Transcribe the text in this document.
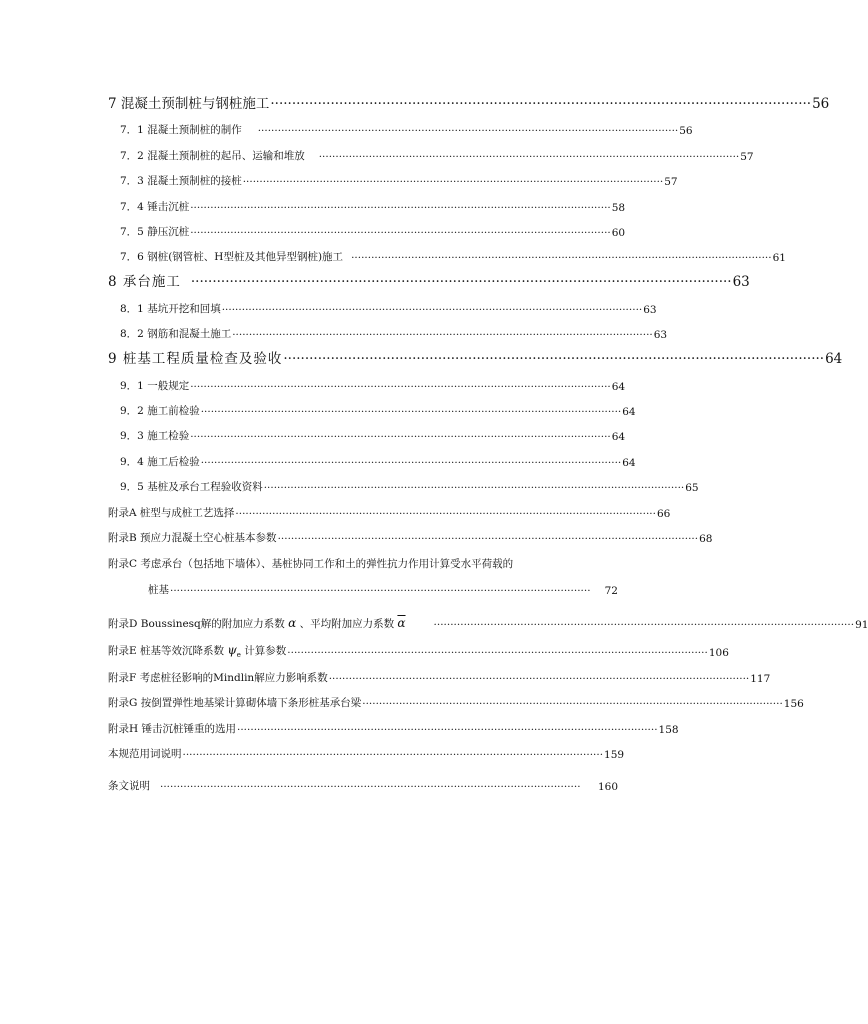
7 混凝土预制桩与钢桩施工 ······························································································································ 56
7．1 混凝土预制桩的制作 ······························································································································ 56
7．2 混凝土预制桩的起吊、运输和堆放 ······························································································································ 57
7．3 混凝土预制桩的接桩 ······························································································································ 57
7．4 锤击沉桩 ······························································································································ 58
7．5 静压沉桩 ······························································································································ 60
7．6 钢桩(钢管桩、H型桩及其他异型钢桩)施工 ······························································································································ 61
8 承台施工 ······························································································································ 63
8．1 基坑开挖和回填 ······························································································································ 63
8．2 钢筋和混凝土施工 ······························································································································ 63
9 桩基工程质量检查及验收 ······························································································································ 64
9．1 一般规定 ······························································································································ 64
9．2 施工前检验 ······························································································································ 64
9．3 施工检验 ······························································································································ 64
9．4 施工后检验 ······························································································································ 64
9．5 基桩及承台工程验收资料 ······························································································································ 65
附录A 桩型与成桩工艺选择 ······························································································································ 66
附录B 预应力混凝土空心桩基本参数 ······························································································································ 68
附录C 考虑承台（包括地下墙体）、基桩协同工作和土的弹性抗力作用计算受水平荷载的
桩基 ······························································································································	72
附录D Boussinesq解的附加应力系数 α 、平均附加应力系数 $\overline{\alpha}$	······························································································································ 91
附录E 桩基等效沉降系数 $\psi_e$ 计算参数 ······························································································································ 106
附录F 考虑桩径影响的Mindlin解应力影响系数 ······························································································································ 117
附录G 按倒置弹性地基梁计算砌体墙下条形桩基承台梁 ······························································································································ 156
附录H 锤击沉桩锤重的选用 ······························································································································ 158
本规范用词说明 ······························································································································ 159
条文说明 ······························································································································	160
